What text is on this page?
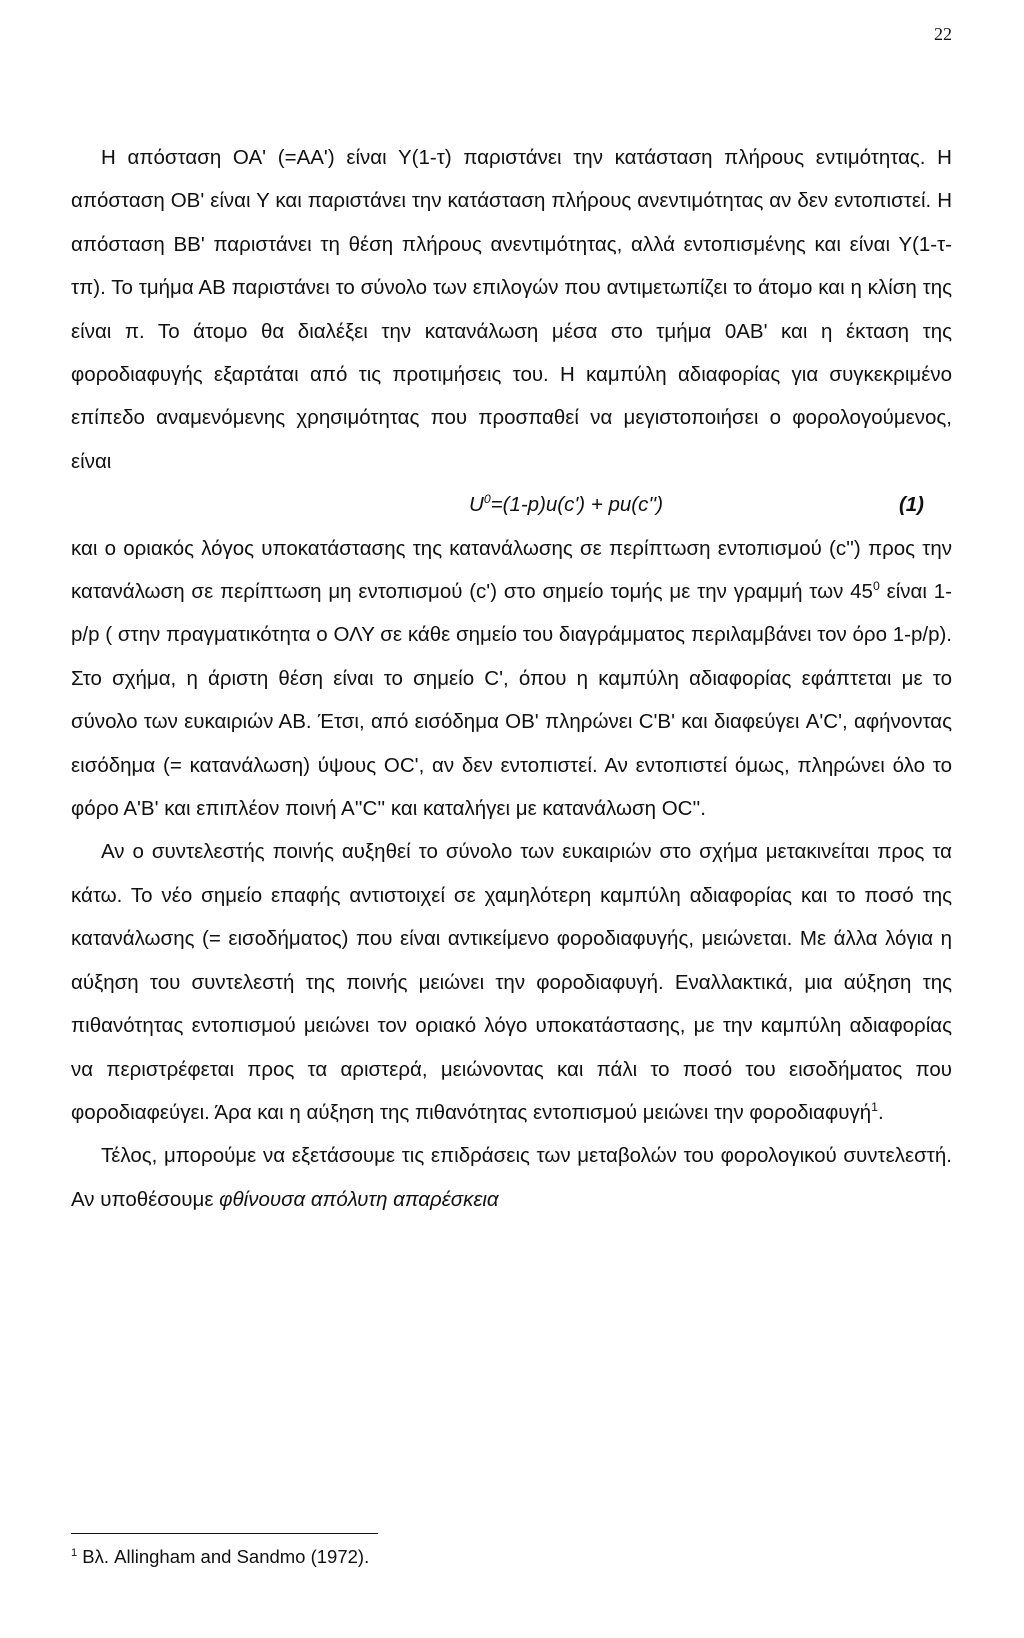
22

Η απόσταση ΟΑ' (=ΑΑ') είναι Υ(1-τ) παριστάνει την κατάσταση πλήρους εντιμότητας. Η απόσταση ΟΒ' είναι Υ και παριστάνει την κατάσταση πλήρους ανεντιμότητας αν δεν εντοπιστεί. Η απόσταση ΒΒ' παριστάνει τη θέση πλήρους ανεντιμότητας, αλλά εντοπισμένης και είναι Υ(1-τ- τπ). Το τμήμα ΑΒ παριστάνει το σύνολο των επιλογών που αντιμετωπίζει το άτομο και η κλίση της είναι π. Το άτομο θα διαλέξει την κατανάλωση μέσα στο τμήμα 0ΑΒ' και η έκταση της φοροδιαφυγής εξαρτάται από τις προτιμήσεις του. Η καμπύλη αδιαφορίας για συγκεκριμένο επίπεδο αναμενόμενης χρησιμότητας που προσπαθεί να μεγιστοποιήσει ο φορολογούμενος, είναι

$U^0=(1-p)u(c') + pu(c'')$	(1)

και ο οριακός λόγος υποκατάστασης της κατανάλωσης σε περίπτωση εντοπισμού (c'') προς την κατανάλωση σε περίπτωση μη εντοπισμού (c') στο σημείο τομής με την γραμμή των $45^0$ είναι 1-p/p ( στην πραγματικότητα ο ΟΛΥ σε κάθε σημείο του διαγράμματος περιλαμβάνει τον όρο 1-p/p). Στο σχήμα, η άριστη θέση είναι το σημείο C', όπου η καμπύλη αδιαφορίας εφάπτεται με το σύνολο των ευκαιριών ΑΒ. Έτσι, από εισόδημα ΟΒ' πληρώνει C'B' και διαφεύγει A'C', αφήνοντας εισόδημα (= κατανάλωση) ύψους ΟC', αν δεν εντοπιστεί. Αν εντοπιστεί όμως, πληρώνει όλο το φόρο Α'Β' και επιπλέον ποινή Α''C'' και καταλήγει με κατανάλωση ΟC''.

Αν ο συντελεστής ποινής αυξηθεί το σύνολο των ευκαιριών στο σχήμα μετακινείται προς τα κάτω. Το νέο σημείο επαφής αντιστοιχεί σε χαμηλότερη καμπύλη αδιαφορίας και το ποσό της κατανάλωσης (= εισοδήματος) που είναι αντικείμενο φοροδιαφυγής, μειώνεται. Με άλλα λόγια η αύξηση του συντελεστή της ποινής μειώνει την φοροδιαφυγή. Εναλλακτικά, μια αύξηση της πιθανότητας εντοπισμού μειώνει τον οριακό λόγο υποκατάστασης, με την καμπύλη αδιαφορίας να περιστρέφεται προς τα αριστερά, μειώνοντας και πάλι το ποσό του εισοδήματος που φοροδιαφεύγει. Άρα και η αύξηση της πιθανότητας εντοπισμού μειώνει την φοροδιαφυγή$^1$.

Τέλος, μπορούμε να εξετάσουμε τις επιδράσεις των μεταβολών του φορολογικού συντελεστή. Αν υποθέσουμε φθίνουσα απόλυτη απαρέσκεια

$^1$ Βλ. Allingham and Sandmo (1972).
